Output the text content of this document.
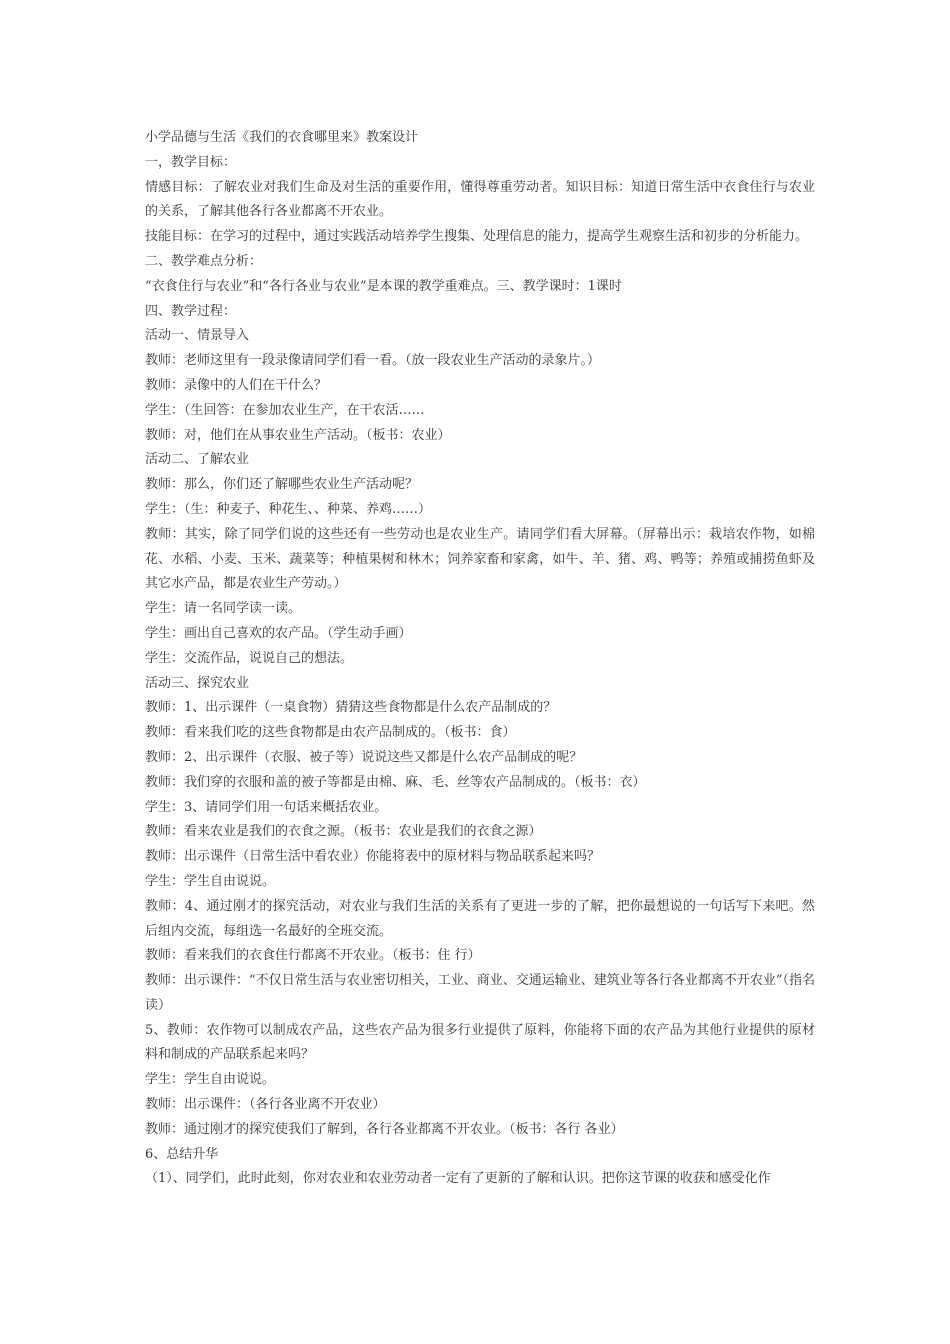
小学品德与生活《我们的衣食哪里来》教案设计

一，教学目标：

情感目标：了解农业对我们生命及对生活的重要作用，懂得尊重劳动者。知识目标：知道日常生活中衣食住行与农业的关系，了解其他各行各业都离不开农业。

技能目标：在学习的过程中，通过实践活动培养学生搜集、处理信息的能力，提高学生观察生活和初步的分析能力。

二、教学难点分析：

“衣食住行与农业”和“各行各业与农业”是本课的教学重难点。三、教学课时：1课时

四、教学过程：

活动一、情景导入

教师：老师这里有一段录像请同学们看一看。（放一段农业生产活动的录象片。）

教师：录像中的人们在干什么？

学生：（生回答：在参加农业生产，在干农活……

教师：对，他们在从事农业生产活动。（板书：农业）

活动二、了解农业

教师：那么，你们还了解哪些农业生产活动呢？

学生：（生：种麦子、种花生、、种菜、养鸡……）

教师：其实，除了同学们说的这些还有一些劳动也是农业生产。请同学们看大屏幕。（屏幕出示：栽培农作物，如棉花、水稻、小麦、玉米、蔬菜等；种植果树和林木；饲养家畜和家禽，如牛、羊、猪、鸡、鸭等；养殖或捕捞鱼虾及其它水产品，都是农业生产劳动。）

学生：请一名同学读一读。

学生：画出自己喜欢的农产品。（学生动手画）

学生：交流作品，说说自己的想法。

活动三、探究农业

教师：1、出示课件（一桌食物）猜猜这些食物都是什么农产品制成的？

教师：看来我们吃的这些食物都是由农产品制成的。（板书：食）

教师：2、出示课件（衣服、被子等）说说这些又都是什么农产品制成的呢？

教师：我们穿的衣服和盖的被子等都是由棉、麻、毛、丝等农产品制成的。（板书：衣）

学生：3、请同学们用一句话来概括农业。

教师：看来农业是我们的衣食之源。（板书：农业是我们的衣食之源）

教师：出示课件（日常生活中看农业）你能将表中的原材料与物品联系起来吗？

学生：学生自由说说。

教师：4、通过刚才的探究活动，对农业与我们生活的关系有了更进一步的了解，把你最想说的一句话写下来吧。然后组内交流，每组选一名最好的全班交流。

教师：看来我们的衣食住行都离不开农业。（板书：住 行）

教师：出示课件：“不仅日常生活与农业密切相关，工业、商业、交通运输业、建筑业等各行各业都离不开农业”（指名读）

5、教师：农作物可以制成农产品，这些农产品为很多行业提供了原料，你能将下面的农产品为其他行业提供的原材料和制成的产品联系起来吗？

学生：学生自由说说。

教师：出示课件：（各行各业离不开农业）

教师：通过刚才的探究使我们了解到，各行各业都离不开农业。（板书：各行 各业）

6、总结升华

（1）、同学们，此时此刻，你对农业和农业劳动者一定有了更新的了解和认识。把你这节课的收获和感受化作
